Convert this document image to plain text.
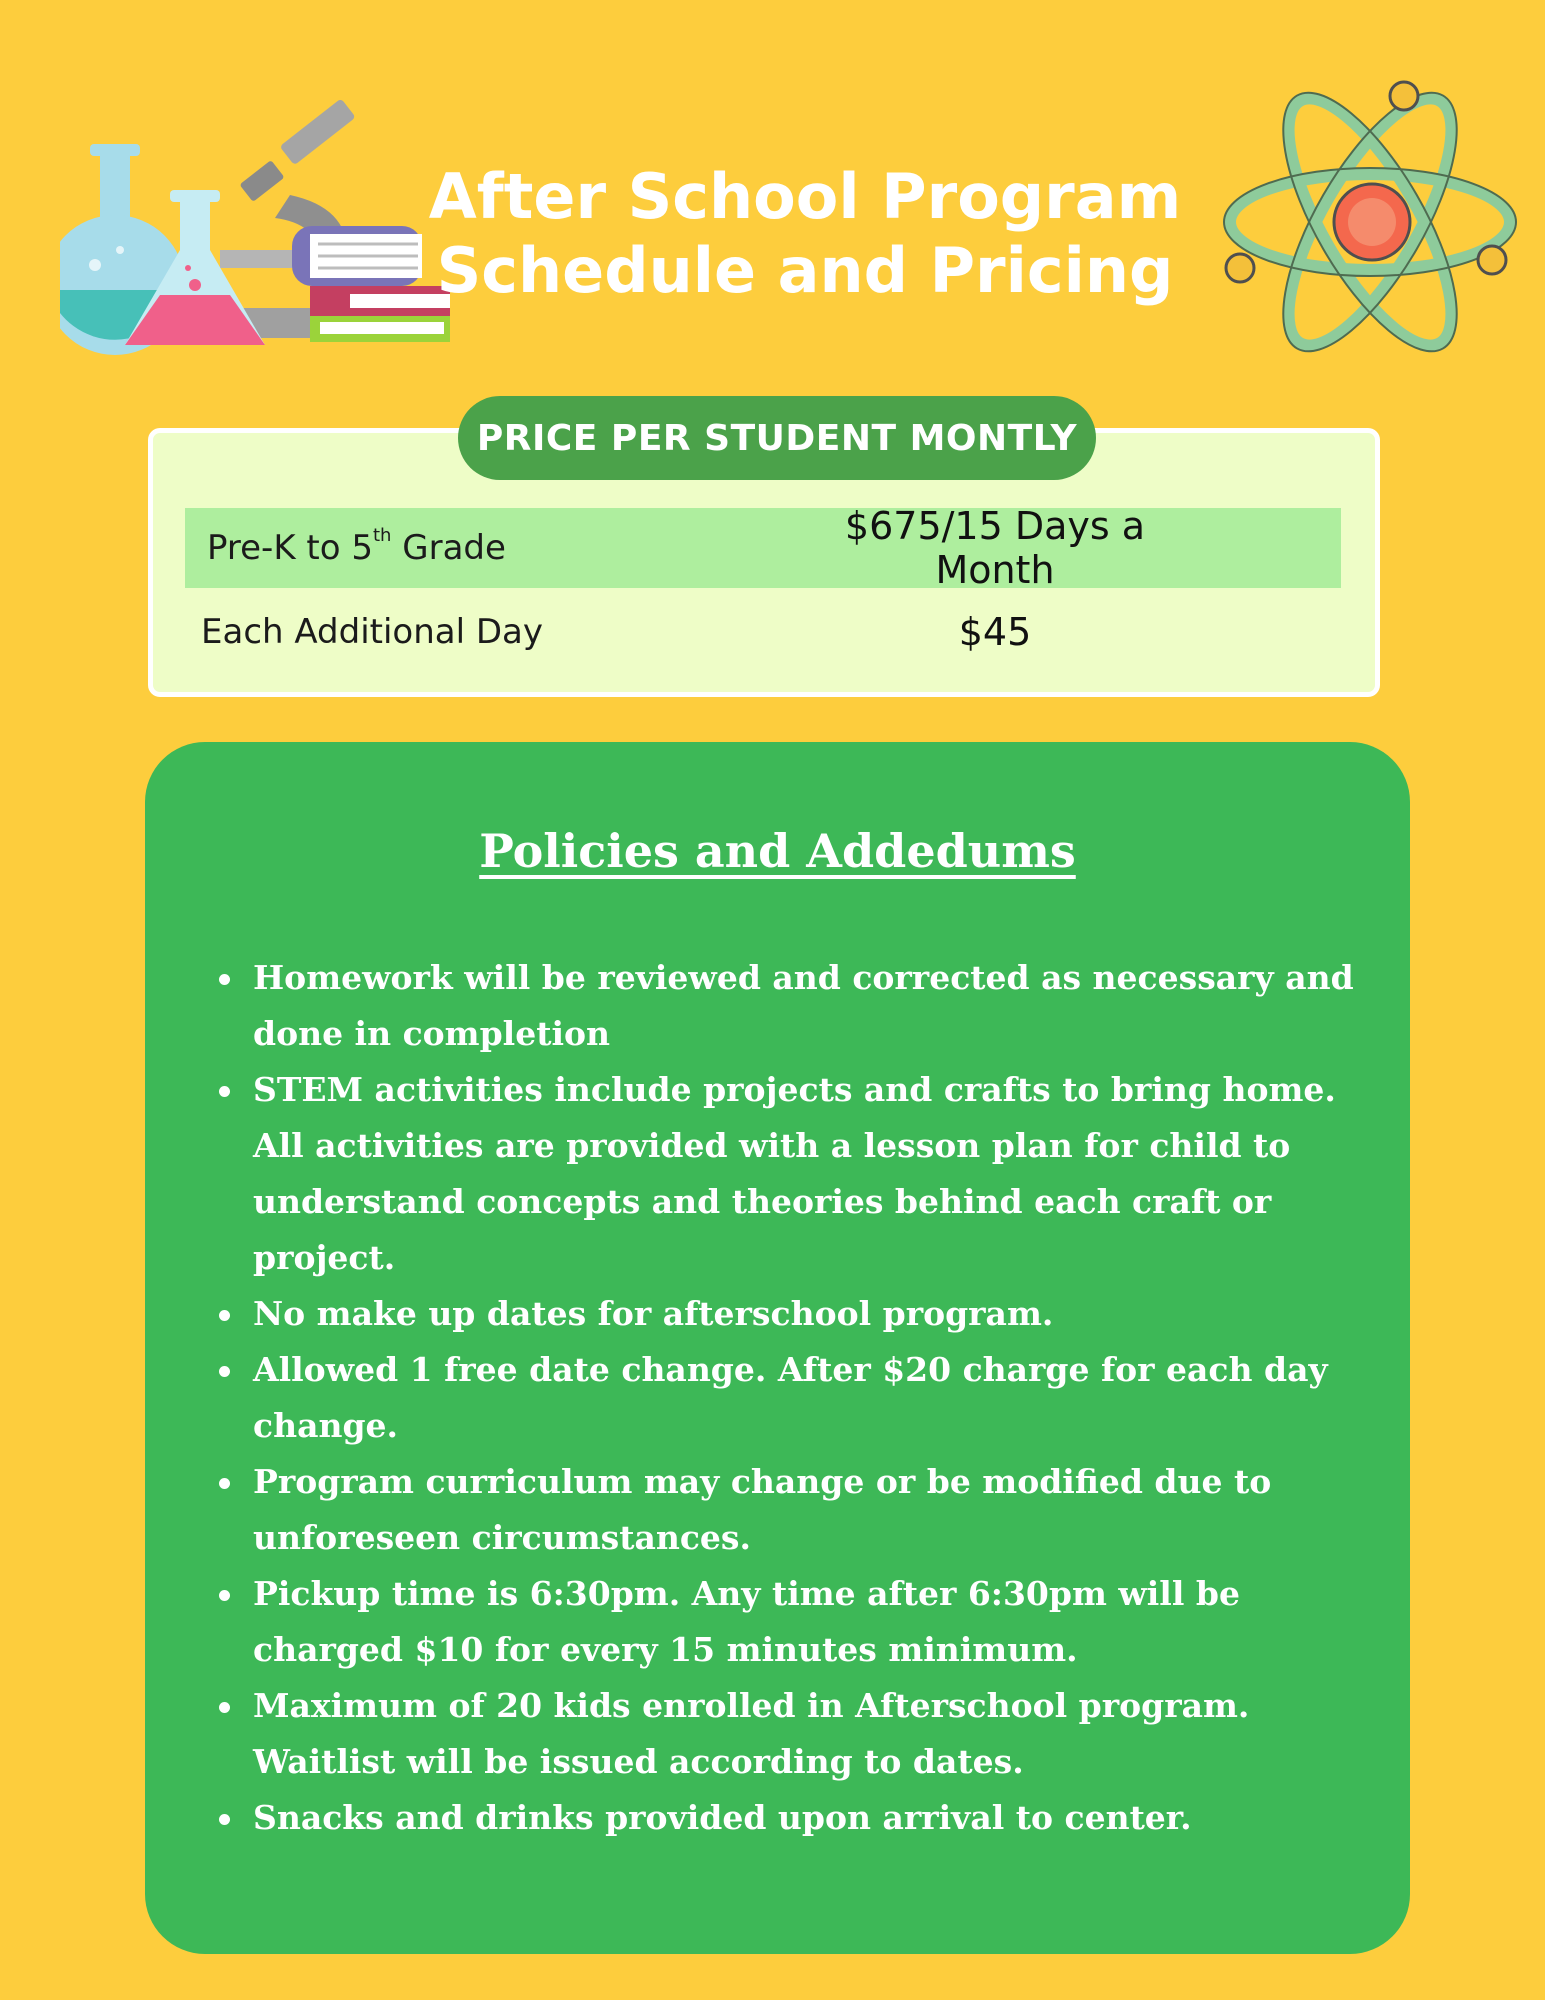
After School Program
Schedule and Pricing
PRICE PER STUDENT MONTLY
Pre-K to 5th Grade	$675/15 Days a Month
Each Additional Day	$45
Policies and Addedums
Homework will be reviewed and corrected as necessary and done in completion
STEM activities include projects and crafts to bring home. All activities are provided with a lesson plan for child to understand concepts and theories behind each craft or project.
No make up dates for afterschool program.
Allowed 1 free date change. After $20 charge for each day change.
Program curriculum may change or be modified due to unforeseen circumstances.
Pickup time is 6:30pm. Any time after 6:30pm will be charged $10 for every 15 minutes minimum.
Maximum of 20 kids enrolled in Afterschool program. Waitlist will be issued according to dates.
Snacks and drinks provided upon arrival to center.
